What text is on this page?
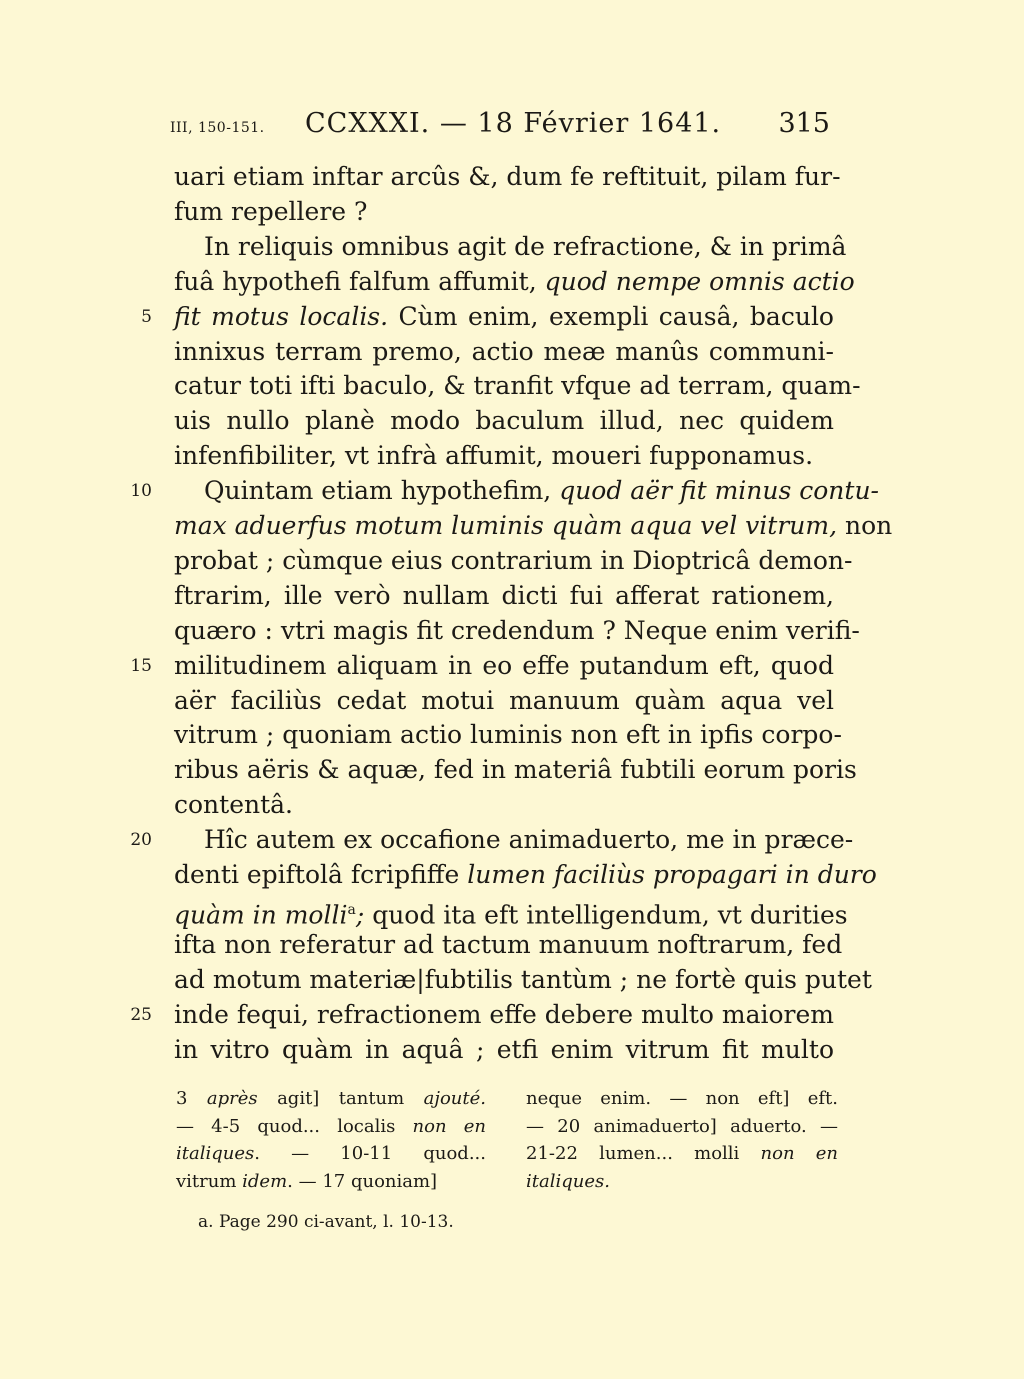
III, 150-151. CCXXXI. — 18 Février 1641. 315
uari etiam inftar arcûs &, dum fe reftituit, pilam fur-
fum repellere ?
In reliquis omnibus agit de refractione, & in primâ
fuâ hypothefi falfum affumit, quod nempe omnis actio
fit motus localis. Cùm enim, exempli causâ, baculo
5
innixus terram premo, actio meæ manûs communi-
catur toti ifti baculo, & tranfit vfque ad terram, quam-
uis nullo planè modo baculum illud, nec quidem
infenfibiliter, vt infrà affumit, moueri fupponamus.
Quintam etiam hypothefim, quod aër fit minus contu-
10
max aduerfus motum luminis quàm aqua vel vitrum, non
probat ; cùmque eius contrarium in Dioptricâ demon-
ftrarim, ille verò nullam dicti fui afferat rationem,
quæro : vtri magis fit credendum ? Neque enim verifi-
militudinem aliquam in eo effe putandum eft, quod
15
aër faciliùs cedat motui manuum quàm aqua vel
vitrum ; quoniam actio luminis non eft in ipfis corpo-
ribus aëris & aquæ, fed in materiâ fubtili eorum poris
contentâ.
Hîc autem ex occafione animaduerto, me in præce-
20
denti epiftolâ fcripfiffe lumen faciliùs propagari in duro
quàm in molli$^a$; quod ita eft intelligendum, vt durities
ifta non referatur ad tactum manuum noftrarum, fed
ad motum materiæ|fubtilis tantùm ; ne fortè quis putet
inde fequi, refractionem effe debere multo maiorem
25
in vitro quàm in aquâ ; etfi enim vitrum fit multo
3 après agit] tantum ajouté.
— 4-5 quod... localis non en
italiques. — 10-11 quod...
vitrum idem. — 17 quoniam]
neque enim. — non eft] eft.
— 20 animaduerto] aduerto. —
21-22 lumen... molli non en
italiques.
a. Page 290 ci-avant, l. 10-13.
